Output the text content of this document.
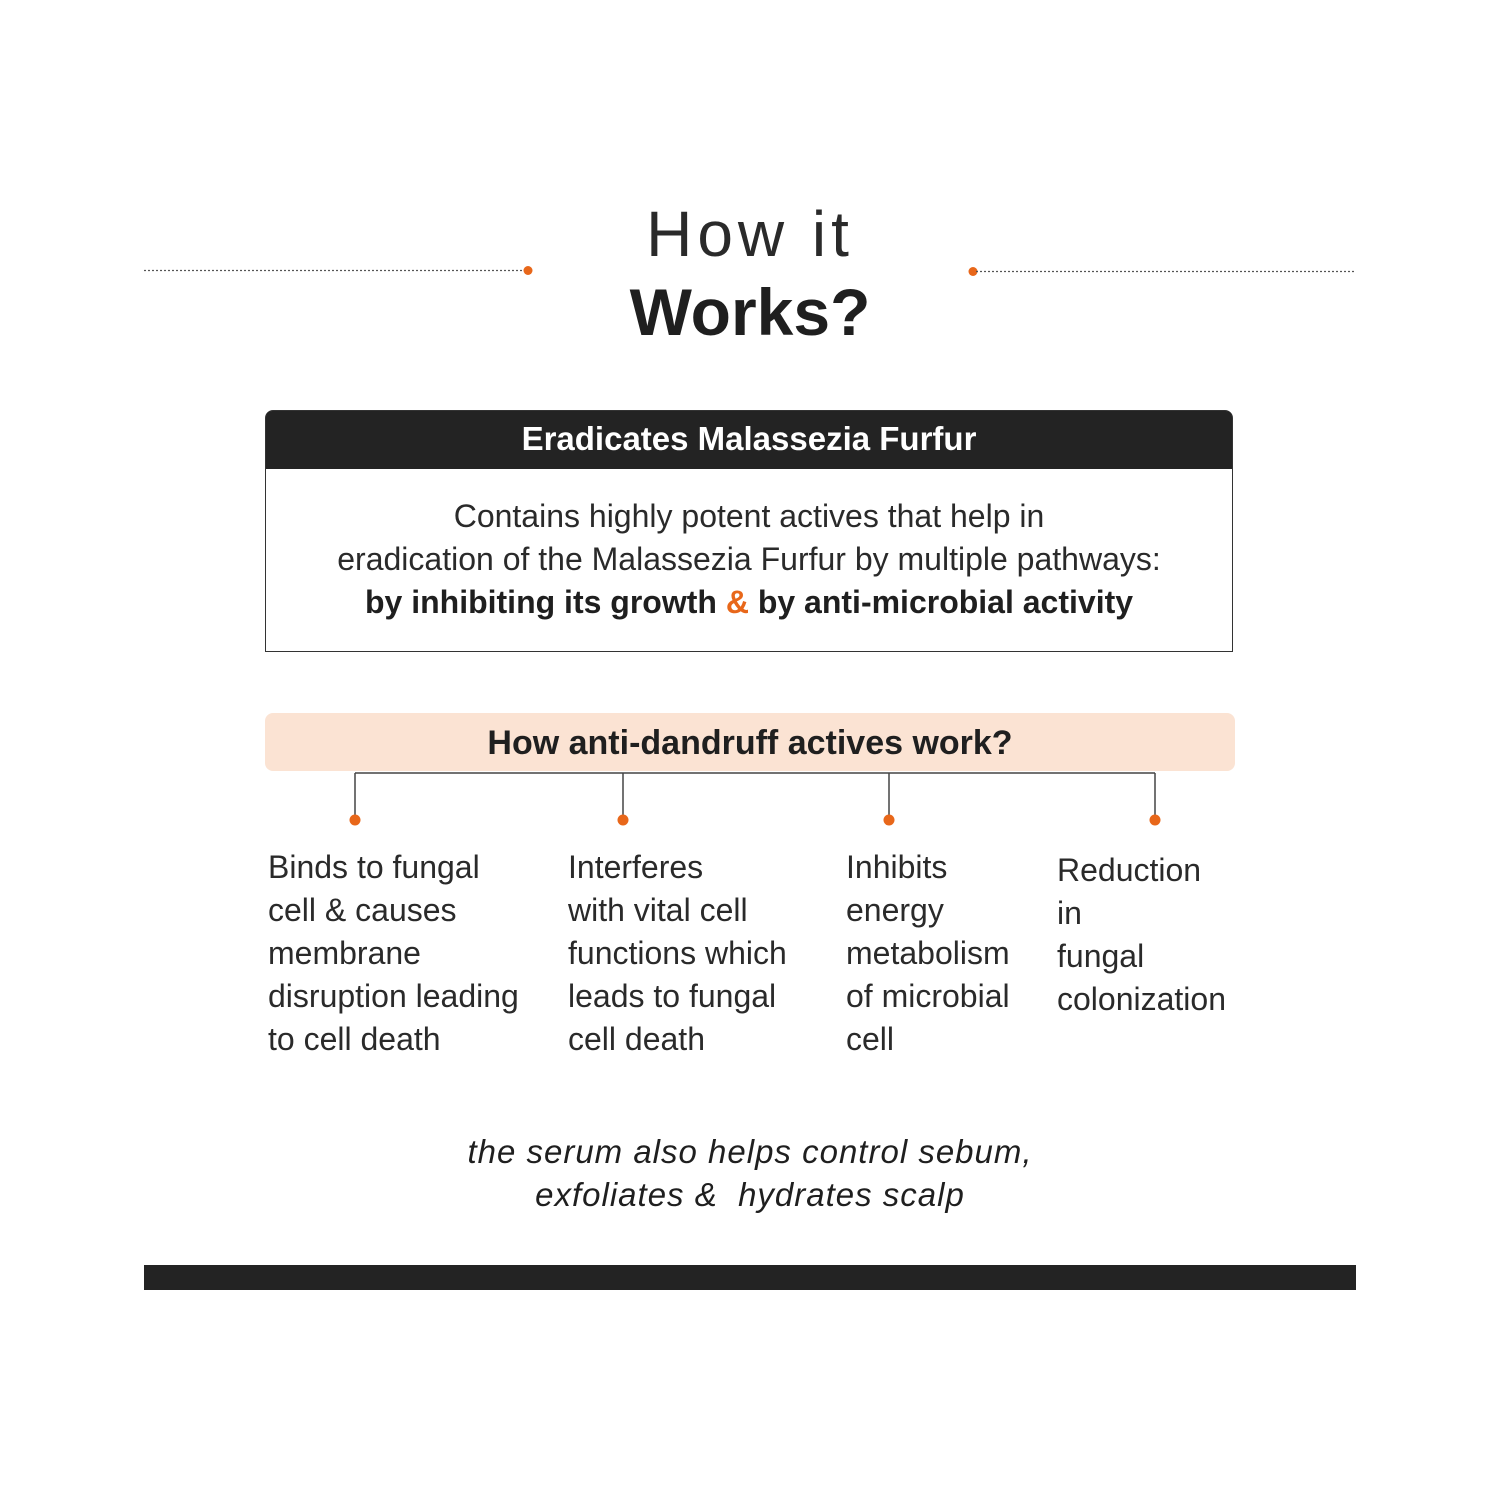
How it
Works?
Eradicates Malassezia Furfur
Contains highly potent actives that help in
eradication of the Malassezia Furfur by multiple pathways:
by inhibiting its growth & by anti-microbial activity
How anti-dandruff actives work?
Binds to fungal
cell & causes
membrane
disruption leading
to cell death
Interferes
with vital cell
functions which
leads to fungal
cell death
Inhibits
energy
metabolism
of microbial
cell
Reduction
in
fungal
colonization
the serum also helps control sebum,
exfoliates &  hydrates scalp
